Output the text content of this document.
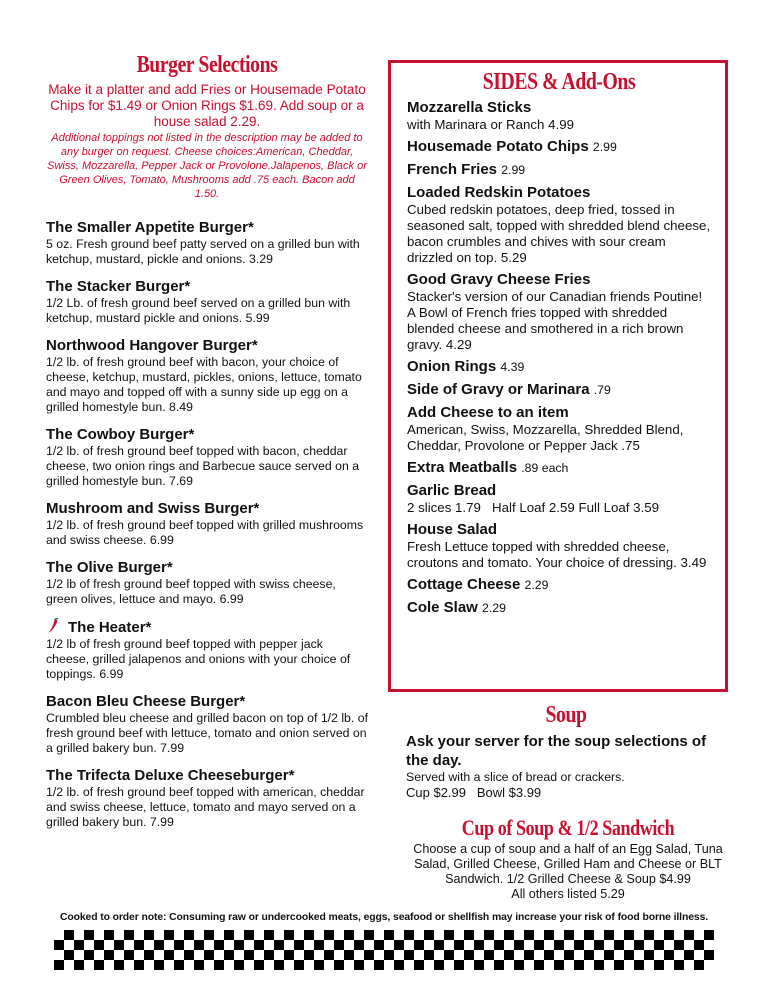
Burger Selections
Make it a platter and add Fries or Housemade Potato Chips for $1.49 or Onion Rings $1.69. Add soup or a house salad 2.29.
Additional toppings not listed in the description may be added to any burger on request. Cheese choices:American, Cheddar, Swiss, Mozzarella, Pepper Jack or Provolone.Jalapenos, Black or Green Olives, Tomato, Mushrooms add .75 each. Bacon add 1.50.
The Smaller Appetite Burger*
5 oz. Fresh ground beef patty served on a grilled bun with ketchup, mustard, pickle and onions. 3.29
The Stacker Burger*
1/2 Lb. of fresh ground beef served on a grilled bun with ketchup, mustard pickle and onions. 5.99
Northwood Hangover Burger*
1/2 lb. of fresh ground beef with bacon, your choice of cheese, ketchup, mustard, pickles, onions, lettuce, tomato and mayo and topped off with a sunny side up egg on a grilled homestyle bun. 8.49
The Cowboy Burger*
1/2 lb. of fresh ground beef topped with bacon, cheddar cheese, two onion rings and Barbecue sauce served on a grilled homestyle bun. 7.69
Mushroom and Swiss Burger*
1/2 lb. of fresh ground beef topped with grilled mushrooms and swiss cheese. 6.99
The Olive Burger*
1/2 lb of fresh ground beef topped with swiss cheese, green olives, lettuce and mayo. 6.99
The Heater*
1/2 lb of fresh ground beef topped with pepper jack cheese, grilled jalapenos and onions with your choice of toppings. 6.99
Bacon Bleu Cheese Burger*
Crumbled bleu cheese and grilled bacon on top of 1/2 lb. of fresh ground beef with lettuce, tomato and onion served on a grilled bakery bun. 7.99
The Trifecta Deluxe Cheeseburger*
1/2 lb. of fresh ground beef topped with american, cheddar and swiss cheese, lettuce, tomato and mayo served on a grilled bakery bun. 7.99
SIDES & Add-Ons
Mozzarella Sticks
with Marinara or Ranch 4.99
Housemade Potato Chips 2.99
French Fries 2.99
Loaded Redskin Potatoes
Cubed redskin potatoes, deep fried, tossed in seasoned salt, topped with shredded blend cheese, bacon crumbles and chives with sour cream drizzled on top. 5.29
Good Gravy Cheese Fries
Stacker's version of our Canadian friends Poutine! A Bowl of French fries topped with shredded blended cheese and smothered in a rich brown gravy. 4.29
Onion Rings 4.39
Side of Gravy or Marinara .79
Add Cheese to an item
American, Swiss, Mozzarella, Shredded Blend, Cheddar, Provolone or Pepper Jack .75
Extra Meatballs .89 each
Garlic Bread
2 slices 1.79   Half Loaf 2.59 Full Loaf 3.59
House Salad
Fresh Lettuce topped with shredded cheese, croutons and tomato. Your choice of dressing. 3.49
Cottage Cheese 2.29
Cole Slaw 2.29
Soup
Ask your server for the soup selections of the day.
Served with a slice of bread or crackers.
Cup $2.99   Bowl $3.99
Cup of Soup & 1/2 Sandwich
Choose a cup of soup and a half of an Egg Salad, Tuna Salad, Grilled Cheese, Grilled Ham and Cheese or BLT Sandwich. 1/2 Grilled Cheese & Soup $4.99
All others listed 5.29
Cooked to order note: Consuming raw or undercooked meats, eggs, seafood or shellfish may increase your risk of food borne illness.
